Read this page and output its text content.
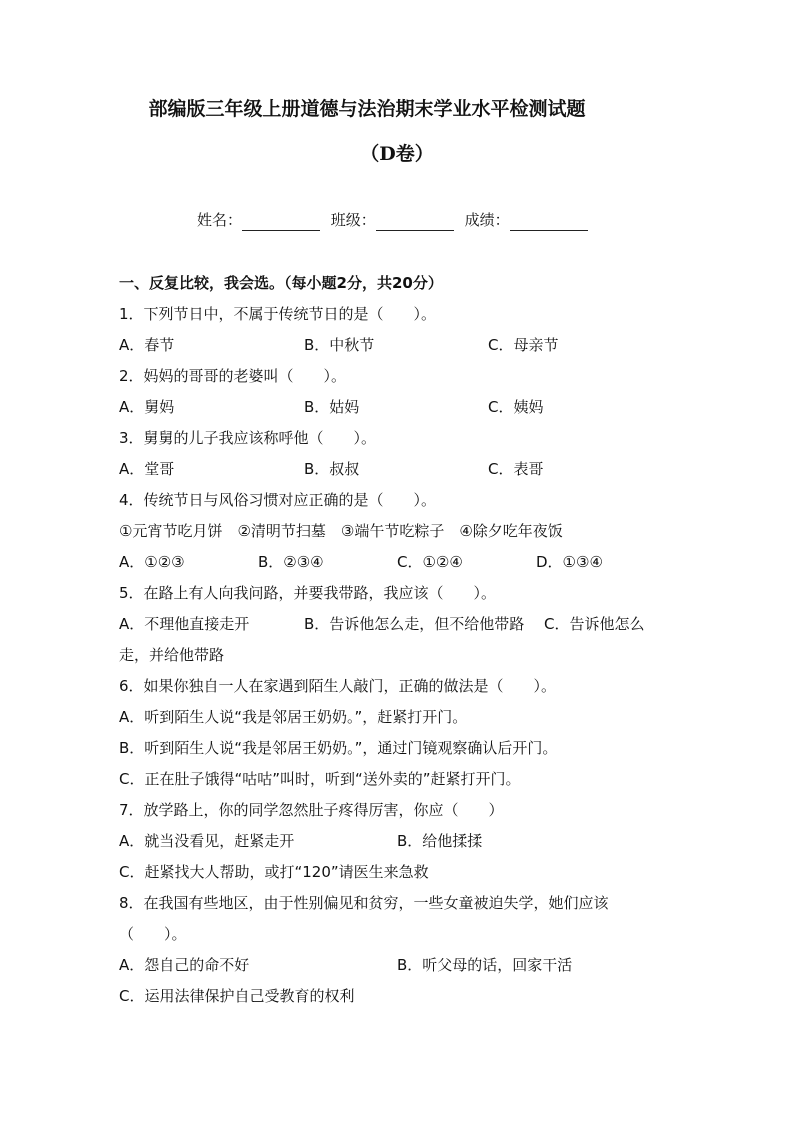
部编版三年级上册道德与法治期末学业水平检测试题
（D卷）
姓名：	班级：	成绩：
一、反复比较，我会选。（每小题2分，共20分）
1．下列节日中，不属于传统节日的是（　　）。
A．春节	B．中秋节	C．母亲节
2．妈妈的哥哥的老婆叫（　　）。
A．舅妈	B．姑妈	C．姨妈
3．舅舅的儿子我应该称呼他（　　）。
A．堂哥	B．叔叔	C．表哥
4．传统节日与风俗习惯对应正确的是（　　）。
①元宵节吃月饼　②清明节扫墓　③端午节吃粽子　④除夕吃年夜饭
A．①②③	B．②③④	C．①②④	D．①③④
5．在路上有人向我问路，并要我带路，我应该（　　）。
A．不理他直接走开	B．告诉他怎么走，但不给他带路 C．告诉他怎么
走，并给他带路
6．如果你独自一人在家遇到陌生人敲门，正确的做法是（　　）。
A．听到陌生人说“我是邻居王奶奶。”，赶紧打开门。
B．听到陌生人说“我是邻居王奶奶。”，通过门镜观察确认后开门。
C．正在肚子饿得“咕咕”叫时，听到“送外卖的”赶紧打开门。
7．放学路上，你的同学忽然肚子疼得厉害，你应（　　）
A．就当没看见，赶紧走开	B．给他揉揉
C．赶紧找大人帮助，或打“120”请医生来急救
8．在我国有些地区，由于性别偏见和贫穷，一些女童被迫失学，她们应该
（　　）。
A．怨自己的命不好	B．听父母的话，回家干活
C．运用法律保护自己受教育的权利
